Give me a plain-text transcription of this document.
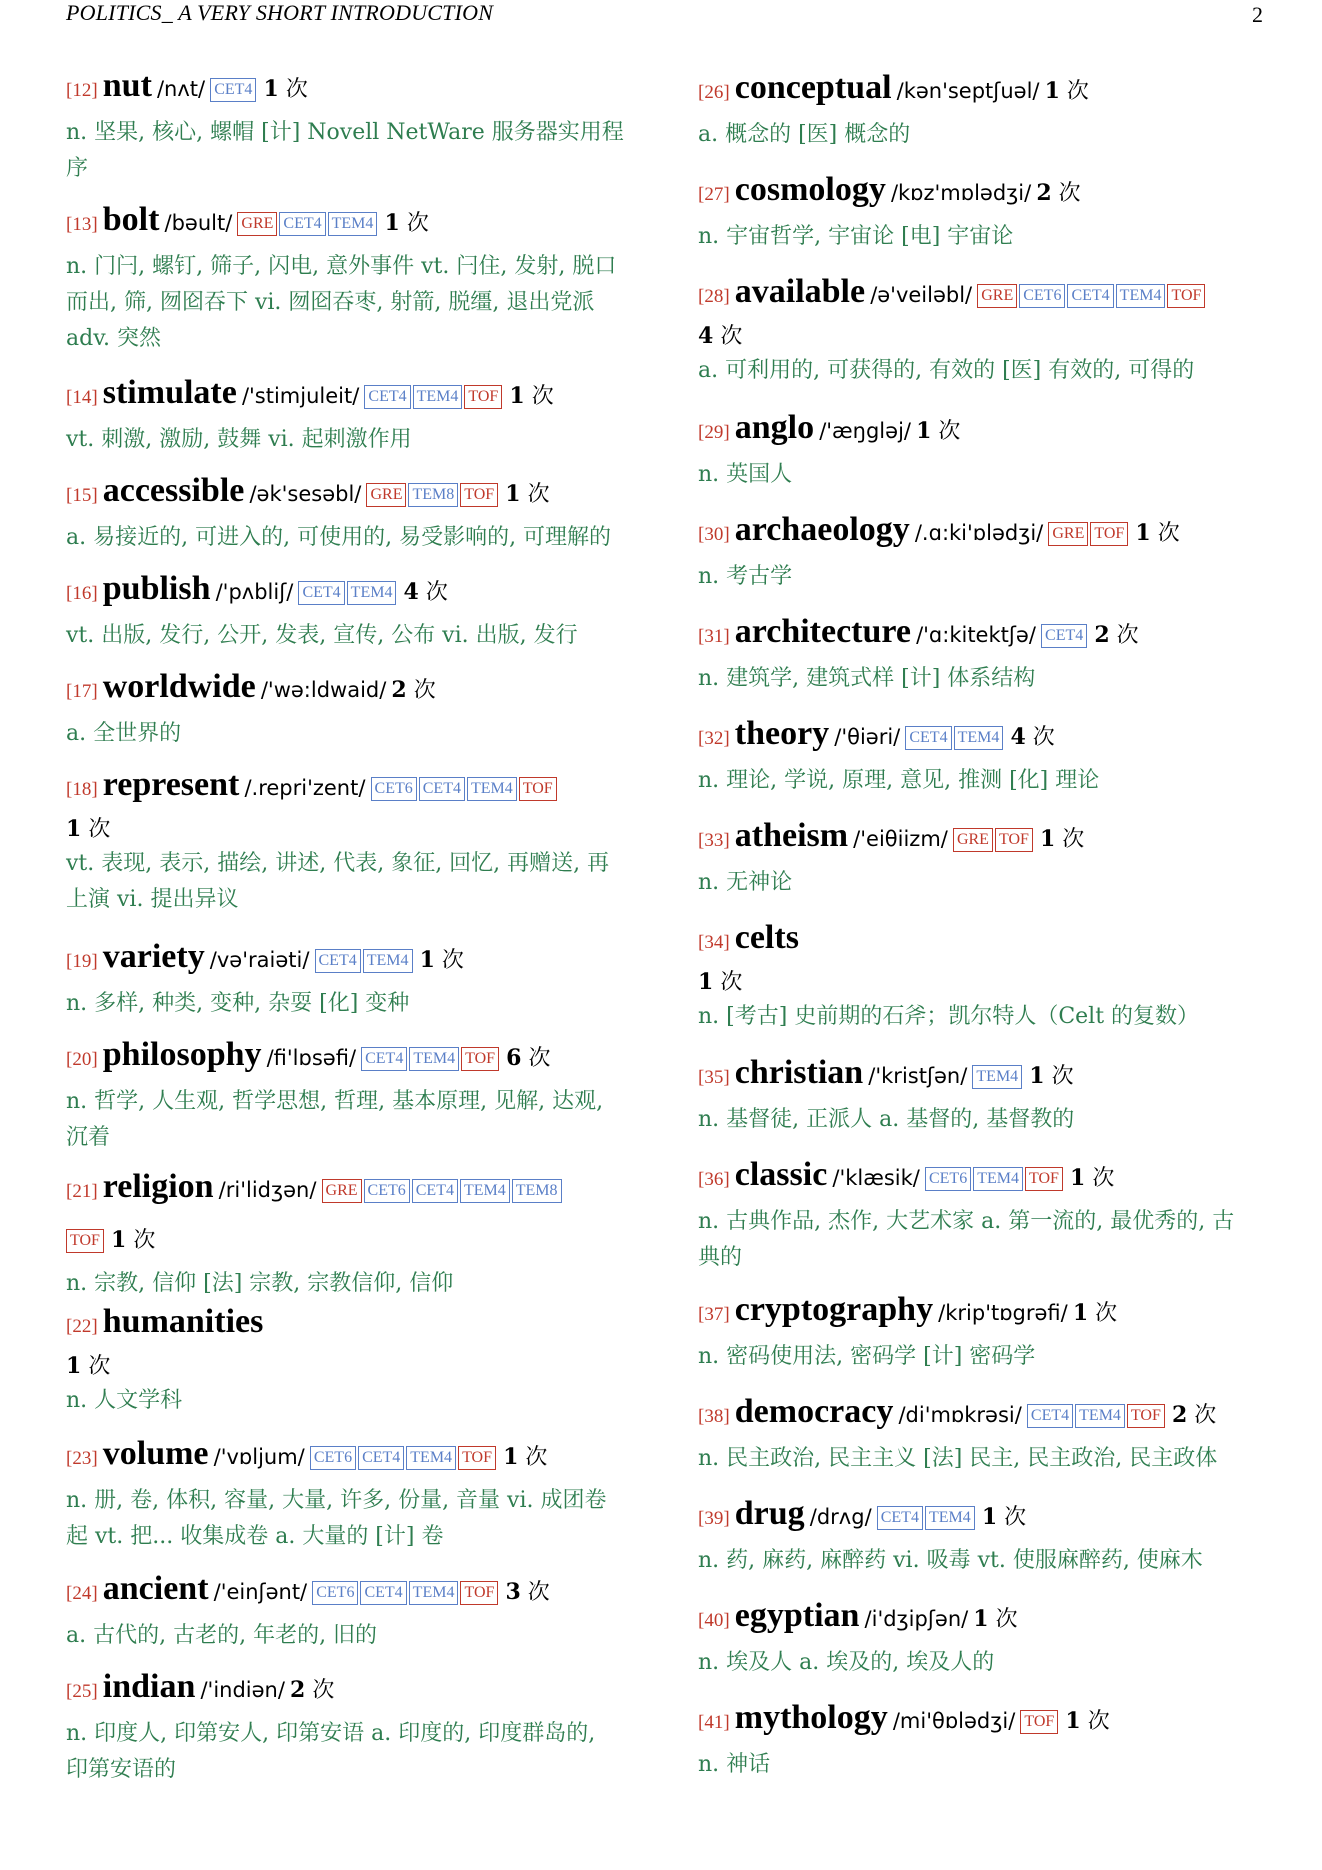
POLITICS_ A VERY SHORT INTRODUCTION	2
[12] nut /nʌt/ CET4 1 次
n. 坚果, 核心, 螺帽 [计] Novell NetWare 服务器实用程
序
[13] bolt /bəult/ GRE CET4 TEM4 1 次
n. 门闩, 螺钉, 筛子, 闪电, 意外事件 vt. 闩住, 发射, 脱口
而出, 筛, 囫囵吞下 vi. 囫囵吞枣, 射箭, 脱缰, 退出党派
adv. 突然
[14] stimulate /'stimjuleit/ CET4 TEM4 TOF 1 次
vt. 刺激, 激励, 鼓舞 vi. 起刺激作用
[15] accessible /ək'sesəbl/ GRE TEM8 TOF 1 次
a. 易接近的, 可进入的, 可使用的, 易受影响的, 可理解的
[16] publish /'pʌbliʃ/ CET4 TEM4 4 次
vt. 出版, 发行, 公开, 发表, 宣传, 公布 vi. 出版, 发行
[17] worldwide /'wə:ldwaid/ 2 次
a. 全世界的
[18] represent /.repri'zent/ CET6 CET4 TEM4 TOF
1 次
vt. 表现, 表示, 描绘, 讲述, 代表, 象征, 回忆, 再赠送, 再
上演 vi. 提出异议
[19] variety /və'raiəti/ CET4 TEM4 1 次
n. 多样, 种类, 变种, 杂耍 [化] 变种
[20] philosophy /fi'lɒsəfi/ CET4 TEM4 TOF 6 次
n. 哲学, 人生观, 哲学思想, 哲理, 基本原理, 见解, 达观,
沉着
[21] religion /ri'lidʒən/ GRE CET6 CET4 TEM4 TEM8
TOF 1 次
n. 宗教, 信仰 [法] 宗教, 宗教信仰, 信仰
[22] humanities
1 次
n. 人文学科
[23] volume /'vɒljum/ CET6 CET4 TEM4 TOF 1 次
n. 册, 卷, 体积, 容量, 大量, 许多, 份量, 音量 vi. 成团卷
起 vt. 把... 收集成卷 a. 大量的 [计] 卷
[24] ancient /'einʃənt/ CET6 CET4 TEM4 TOF 3 次
a. 古代的, 古老的, 年老的, 旧的
[25] indian /'indiən/ 2 次
n. 印度人, 印第安人, 印第安语 a. 印度的, 印度群岛的,
印第安语的
[26] conceptual /kən'septʃuəl/ 1 次
a. 概念的 [医] 概念的
[27] cosmology /kɒz'mɒlədʒi/ 2 次
n. 宇宙哲学, 宇宙论 [电] 宇宙论
[28] available /ə'veiləbl/ GRE CET6 CET4 TEM4 TOF
4 次
a. 可利用的, 可获得的, 有效的 [医] 有效的, 可得的
[29] anglo /'æŋgləj/ 1 次
n. 英国人
[30] archaeology /.ɑ:ki'ɒlədʒi/ GRE TOF 1 次
n. 考古学
[31] architecture /'ɑ:kitektʃə/ CET4 2 次
n. 建筑学, 建筑式样 [计] 体系结构
[32] theory /'θiəri/ CET4 TEM4 4 次
n. 理论, 学说, 原理, 意见, 推测 [化] 理论
[33] atheism /'eiθiizm/ GRE TOF 1 次
n. 无神论
[34] celts
1 次
n. [考古] 史前期的石斧；凯尔特人（Celt 的复数）
[35] christian /'kristʃən/ TEM4 1 次
n. 基督徒, 正派人 a. 基督的, 基督教的
[36] classic /'klæsik/ CET6 TEM4 TOF 1 次
n. 古典作品, 杰作, 大艺术家 a. 第一流的, 最优秀的, 古
典的
[37] cryptography /krip'tɒgrəfi/ 1 次
n. 密码使用法, 密码学 [计] 密码学
[38] democracy /di'mɒkrəsi/ CET4 TEM4 TOF 2 次
n. 民主政治, 民主主义 [法] 民主, 民主政治, 民主政体
[39] drug /drʌg/ CET4 TEM4 1 次
n. 药, 麻药, 麻醉药 vi. 吸毒 vt. 使服麻醉药, 使麻木
[40] egyptian /i'dʒipʃən/ 1 次
n. 埃及人 a. 埃及的, 埃及人的
[41] mythology /mi'θɒlədʒi/ TOF 1 次
n. 神话
